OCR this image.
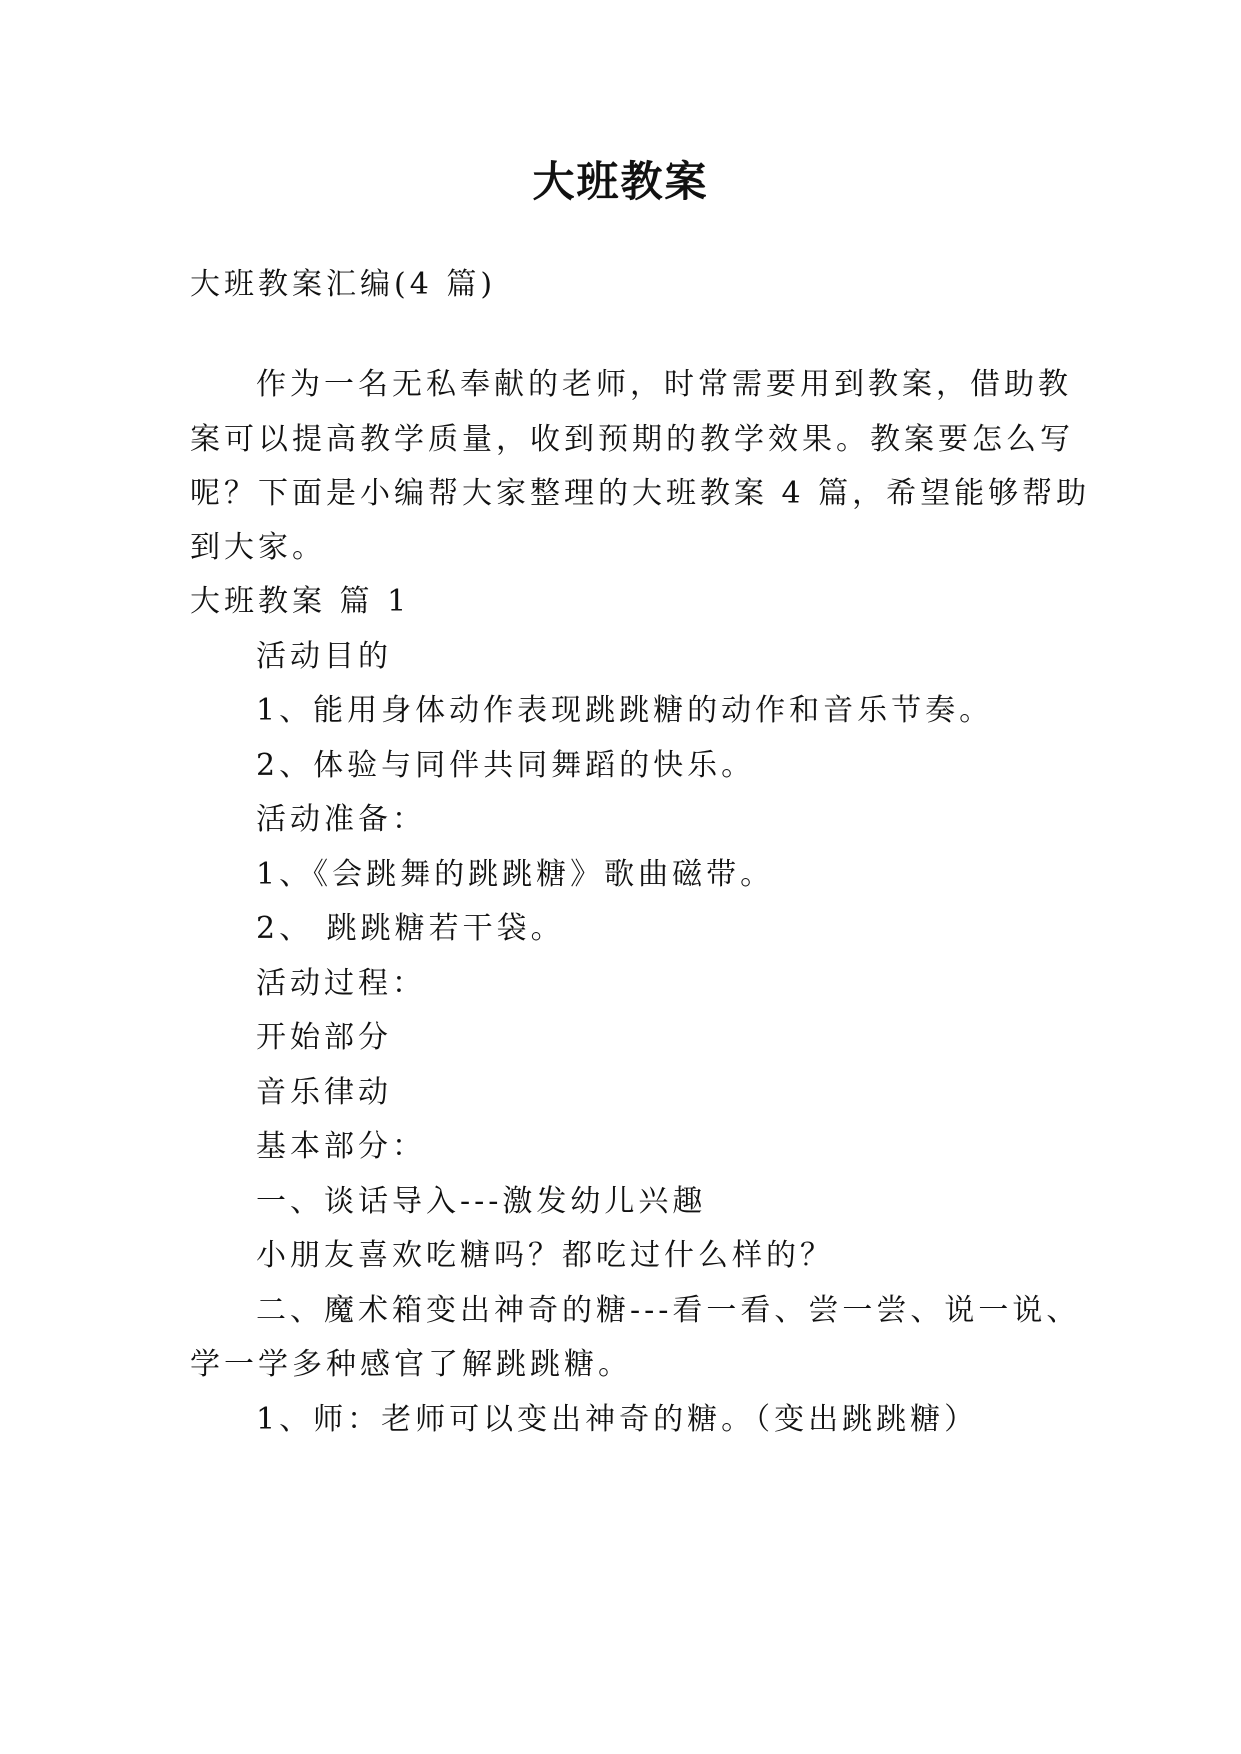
大班教案

大班教案汇编(4 篇)

作为一名无私奉献的老师，时常需要用到教案，借助教

案可以提高教学质量，收到预期的教学效果。教案要怎么写

呢？下面是小编帮大家整理的大班教案 4 篇，希望能够帮助

到大家。

大班教案 篇 1

活动目的

1、能用身体动作表现跳跳糖的动作和音乐节奏。

2、体验与同伴共同舞蹈的快乐。

活动准备：

1、《会跳舞的跳跳糖》歌曲磁带。

2、 跳跳糖若干袋。

活动过程：

开始部分

音乐律动

基本部分：

一、谈话导入---激发幼儿兴趣

小朋友喜欢吃糖吗？都吃过什么样的？

二、魔术箱变出神奇的糖---看一看、尝一尝、说一说、

学一学多种感官了解跳跳糖。

1、师：老师可以变出神奇的糖。（变出跳跳糖）
